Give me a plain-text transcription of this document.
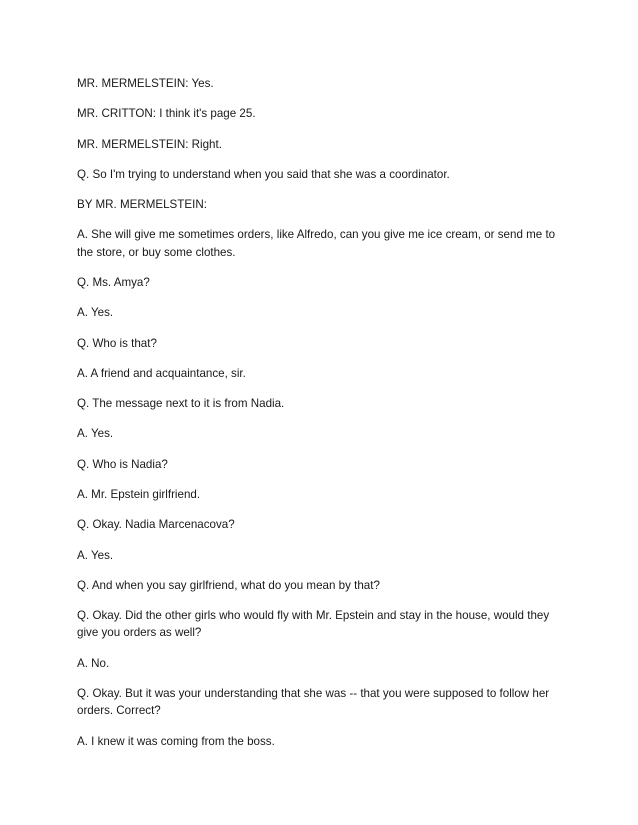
MR. MERMELSTEIN: Yes.

MR. CRITTON: I think it's page 25.

MR. MERMELSTEIN: Right.

Q. So I'm trying to understand when you said that she was a coordinator.

BY MR. MERMELSTEIN:

A. She will give me sometimes orders, like Alfredo, can you give me ice cream, or send me to the store, or buy some clothes.

Q. Ms. Amya?

A. Yes.

Q. Who is that?

A. A friend and acquaintance, sir.

Q. The message next to it is from Nadia.

A. Yes.

Q. Who is Nadia?

A. Mr. Epstein girlfriend.

Q. Okay. Nadia Marcenacova?

A. Yes.

Q. And when you say girlfriend, what do you mean by that?

Q. Okay. Did the other girls who would fly with Mr. Epstein and stay in the house, would they give you orders as well?

A. No.

Q. Okay. But it was your understanding that she was -- that you were supposed to follow her orders. Correct?

A. I knew it was coming from the boss.
